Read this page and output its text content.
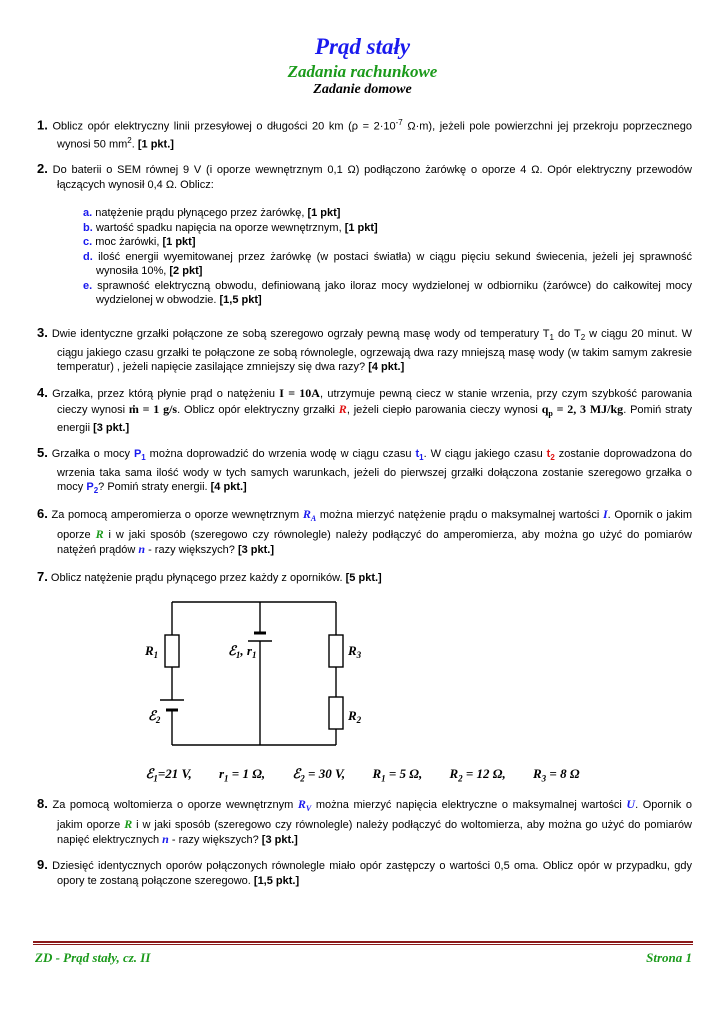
Prąd stały
Zadania rachunkowe
Zadanie domowe
1. Oblicz opór elektryczny linii przesyłowej o długości 20 km ($\rho = 2\cdot 10^{-7}$ Ω·m), jeżeli pole powierzchni jej przekroju poprzecznego wynosi 50 $mm^2$. [1 pkt.]
2. Do baterii o SEM równej 9 V (i oporze wewnętrznym 0,1 Ω) podłączono żarówkę o oporze 4 Ω. Opór elektryczny przewodów łączących wynosił 0,4 Ω. Oblicz:
a. natężenie prądu płynącego przez żarówkę, [1 pkt]
b. wartość spadku napięcia na oporze wewnętrznym, [1 pkt]
c. moc żarówki, [1 pkt]
d. ilość energii wyemitowanej przez żarówkę (w postaci światła) w ciągu pięciu sekund świecenia, jeżeli jej sprawność wynosiła 10%, [2 pkt]
e. sprawność elektryczną obwodu, definiowaną jako iloraz mocy wydzielonej w odbiorniku (żarówce) do całkowitej mocy wydzielonej w obwodzie. [1,5 pkt]
3. Dwie identyczne grzałki połączone ze sobą szeregowo ogrzały pewną masę wody od temperatury $T_1$ do $T_2$ w ciągu 20 minut. W ciągu jakiego czasu grzałki te połączone ze sobą równolegle, ogrzewają dwa razy mniejszą masę wody (w takim samym zakresie temperatur) , jeżeli napięcie zasilające zmniejszy się dwa razy? [4 pkt.]
4. Grzałka, przez którą płynie prąd o natężeniu I = 10A, utrzymuje pewną ciecz w stanie wrzenia, przy czym szybkość parowania cieczy wynosi ṁ = 1 g/s. Oblicz opór elektryczny grzałki R, jeżeli ciepło parowania cieczy wynosi $q_p = 2$, 3 MJ/kg. Pomiń straty energii [3 pkt.]
5. Grzałka o mocy $P_1$ można doprowadzić do wrzenia wodę w ciągu czasu $t_1$. W ciągu jakiego czasu $t_2$ zostanie doprowadzona do wrzenia taka sama ilość wody w tych samych warunkach, jeżeli do pierwszej grzałki dołączona zostanie szeregowo grzałka o mocy $P_2$? Pomiń straty energii. [4 pkt.]
6. Za pomocą amperomierza o oporze wewnętrznym $R_A$ można mierzyć natężenie prądu o maksymalnej wartości I. Opornik o jakim oporze R i w jaki sposób (szeregowo czy równolegle) należy podłączyć do amperomierza, aby można go użyć do pomiarów natężeń prądów n - razy większych? [3 pkt.]
7. Oblicz natężenie prądu płynącego przez każdy z oporników. [5 pkt.]
$R_1$	ℰ$_1$, $r_1$	$R_3$
ℰ$_2$	$R_2$
ℰ$_1$=21 V, $r_1 = 1$ Ω, ℰ$_2$ = 30 V, $R_1 = 5$ Ω, $R_2 = 12$ Ω, $R_3 = 8$ Ω
8. Za pomocą woltomierza o oporze wewnętrznym $R_V$ można mierzyć napięcia elektryczne o maksymalnej wartości U. Opornik o jakim oporze R i w jaki sposób (szeregowo czy równolegle) należy podłączyć do woltomierza, aby można go użyć do pomiarów napięć elektrycznych n - razy większych? [3 pkt.]
9. Dziesięć identycznych oporów połączonych równolegle miało opór zastępczy o wartości 0,5 oma. Oblicz opór w przypadku, gdy opory te zostaną połączone szeregowo. [1,5 pkt.]
ZD - Prąd stały, cz. II	Strona 1
